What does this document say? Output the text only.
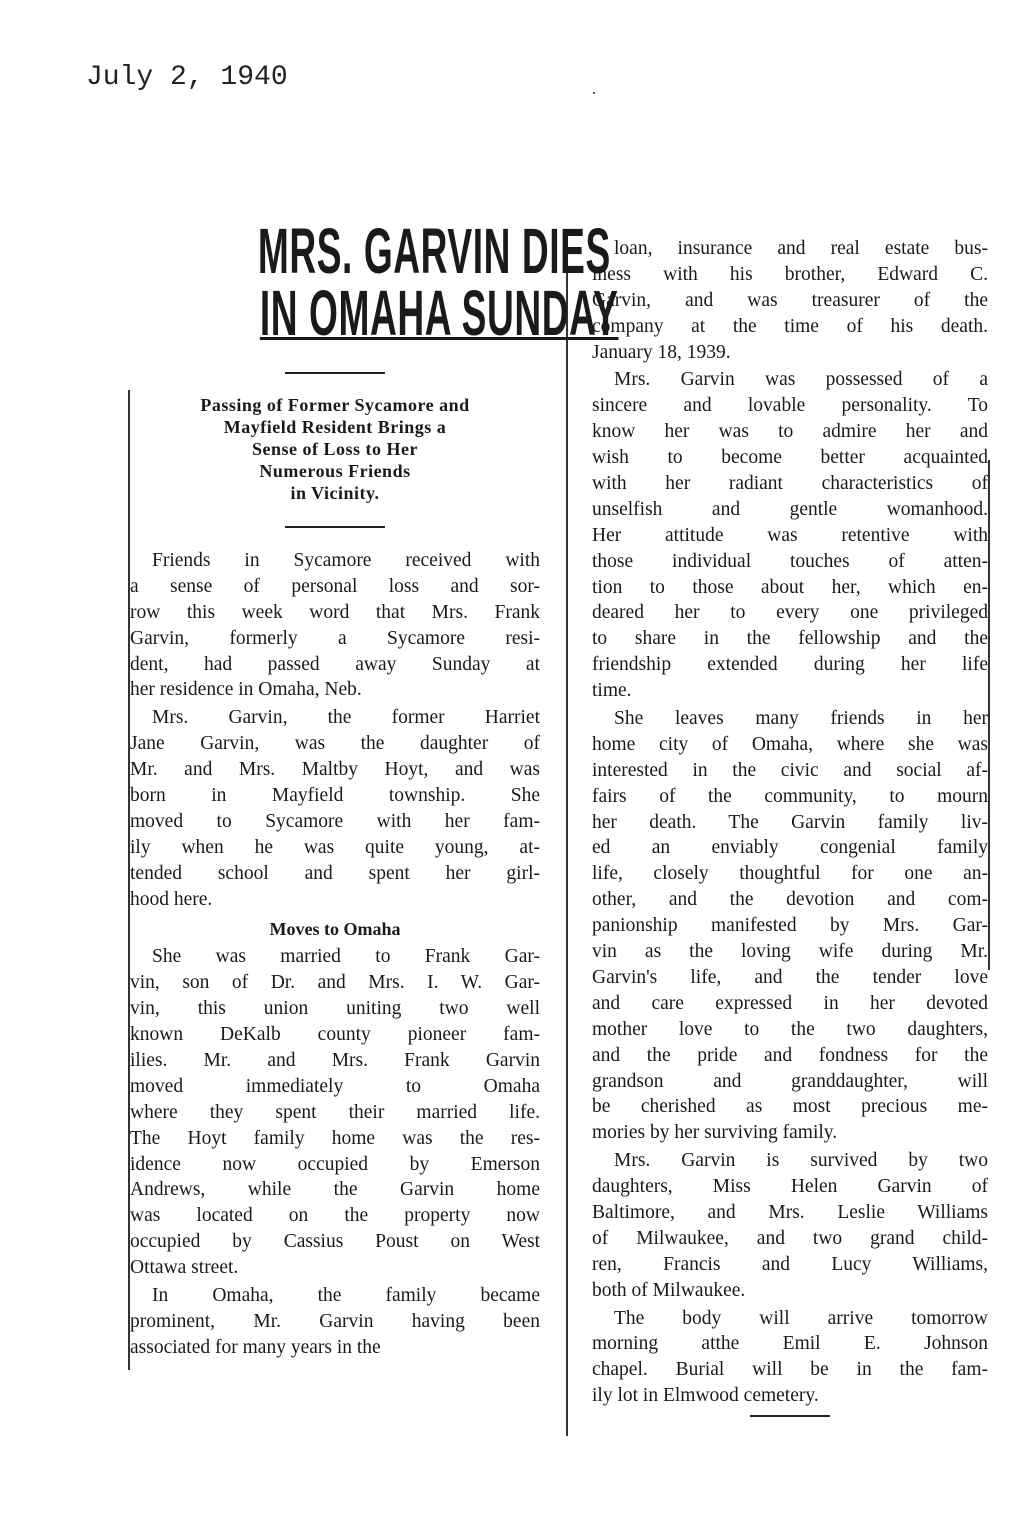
July 2, 1940
MRS. GARVIN DIES
IN OMAHA SUNDAY
Passing of Former Sycamore and
Mayfield Resident Brings a
Sense of Loss to Her
Numerous Friends
in Vicinity.
Friends in Sycamore received with
a sense of personal loss and sor-
row this week word that Mrs. Frank
Garvin, formerly a Sycamore resi-
dent, had passed away Sunday at
her residence in Omaha, Neb.
Mrs. Garvin, the former Harriet
Jane Garvin, was the daughter of
Mr. and Mrs. Maltby Hoyt, and was
born in Mayfield township. She
moved to Sycamore with her fam-
ily when he was quite young, at-
tended school and spent her girl-
hood here.
Moves to Omaha
She was married to Frank Gar-
vin, son of Dr. and Mrs. I. W. Gar-
vin, this union uniting two well
known DeKalb county pioneer fam-
ilies. Mr. and Mrs. Frank Garvin
moved immediately to Omaha
where they spent their married life.
The Hoyt family home was the res-
idence now occupied by Emerson
Andrews, while the Garvin home
was located on the property now
occupied by Cassius Poust on West
Ottawa street.
In Omaha, the family became
prominent, Mr. Garvin having been
associated for many years in the
loan, insurance and real estate bus-
iness with his brother, Edward C.
Garvin, and was treasurer of the
company at the time of his death.
January 18, 1939.
Mrs. Garvin was possessed of a
sincere and lovable personality. To
know her was to admire her and
wish to become better acquainted
with her radiant characteristics of
unselfish and gentle womanhood.
Her attitude was retentive with
those individual touches of atten-
tion to those about her, which en-
deared her to every one privileged
to share in the fellowship and the
friendship extended during her life
time.
She leaves many friends in her
home city of Omaha, where she was
interested in the civic and social af-
fairs of the community, to mourn
her death. The Garvin family liv-
ed an enviably congenial family
life, closely thoughtful for one an-
other, and the devotion and com-
panionship manifested by Mrs. Gar-
vin as the loving wife during Mr.
Garvin's life, and the tender love
and care expressed in her devoted
mother love to the two daughters,
and the pride and fondness for the
grandson and granddaughter, will
be cherished as most precious me-
mories by her surviving family.
Mrs. Garvin is survived by two
daughters, Miss Helen Garvin of
Baltimore, and Mrs. Leslie Williams
of Milwaukee, and two grand child-
ren, Francis and Lucy Williams,
both of Milwaukee.
The body will arrive tomorrow
morning atthe Emil E. Johnson
chapel. Burial will be in the fam-
ily lot in Elmwood cemetery.
